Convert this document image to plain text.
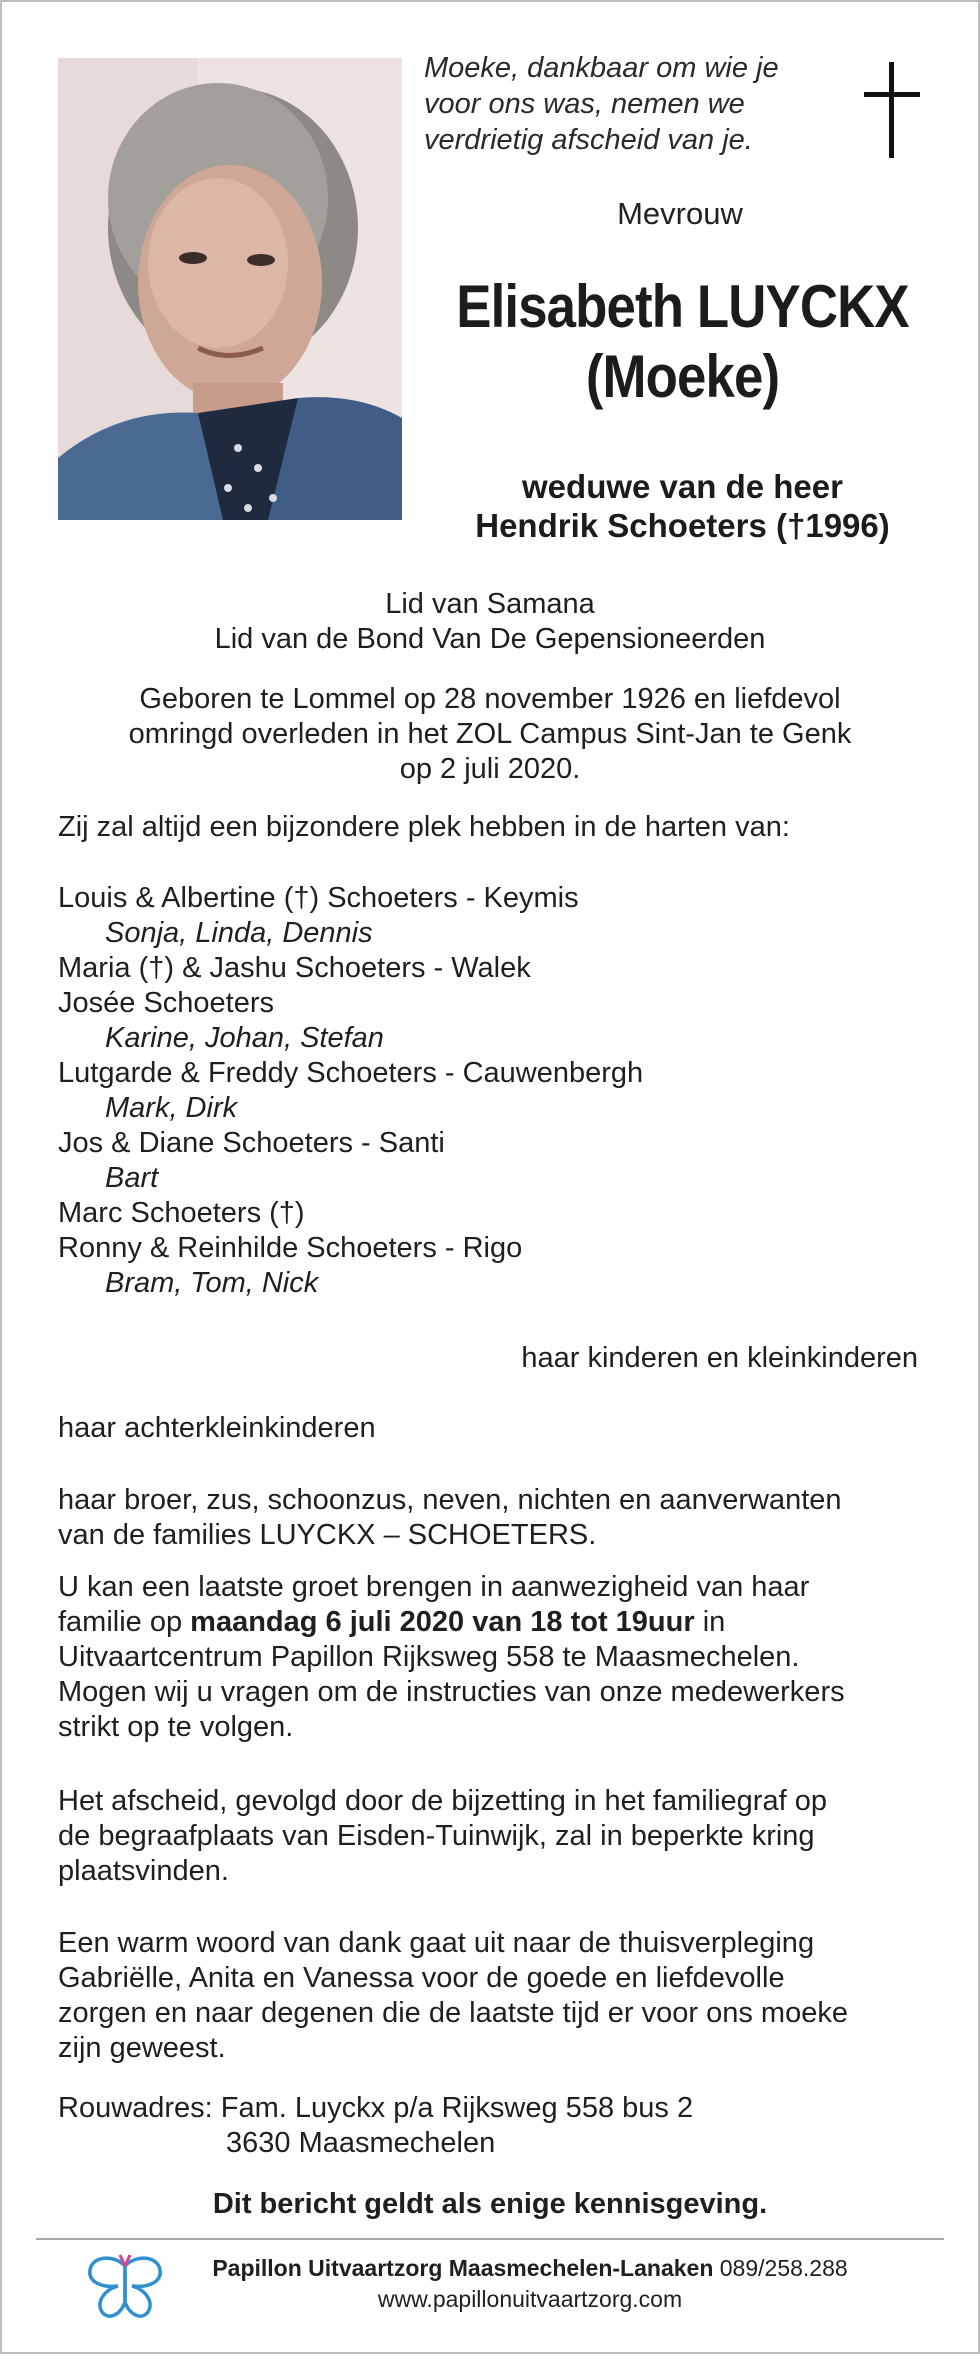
Moeke, dankbaar om wie je
voor ons was, nemen we
verdrietig afscheid van je.
Mevrouw
Elisabeth LUYCKX
(Moeke)
weduwe van de heer
Hendrik Schoeters (†1996)
Lid van Samana
Lid van de Bond Van De Gepensioneerden
Geboren te Lommel op 28 november 1926 en liefdevol
omringd overleden in het ZOL Campus Sint-Jan te Genk
op 2 juli 2020.
Zij zal altijd een bijzondere plek hebben in de harten van:
Louis & Albertine (†) Schoeters - Keymis
Sonja, Linda, Dennis
Maria (†) & Jashu Schoeters - Walek
Josée Schoeters
Karine, Johan, Stefan
Lutgarde & Freddy Schoeters - Cauwenbergh
Mark, Dirk
Jos & Diane Schoeters - Santi
Bart
Marc Schoeters (†)
Ronny & Reinhilde Schoeters - Rigo
Bram, Tom, Nick
haar kinderen en kleinkinderen
haar achterkleinkinderen
haar broer, zus, schoonzus, neven, nichten en aanverwanten
van de families LUYCKX – SCHOETERS.
U kan een laatste groet brengen in aanwezigheid van haar
familie op maandag 6 juli 2020 van 18 tot 19uur in
Uitvaartcentrum Papillon Rijksweg 558 te Maasmechelen.
Mogen wij u vragen om de instructies van onze medewerkers
strikt op te volgen.
Het afscheid, gevolgd door de bijzetting in het familiegraf op
de begraafplaats van Eisden-Tuinwijk, zal in beperkte kring
plaatsvinden.
Een warm woord van dank gaat uit naar de thuisverpleging
Gabriëlle, Anita en Vanessa voor de goede en liefdevolle
zorgen en naar degenen die de laatste tijd er voor ons moeke
zijn geweest.
Rouwadres: Fam. Luyckx p/a Rijksweg 558 bus 2
3630 Maasmechelen
Dit bericht geldt als enige kennisgeving.
Papillon Uitvaartzorg Maasmechelen-Lanaken 089/258.288
www.papillonuitvaartzorg.com
